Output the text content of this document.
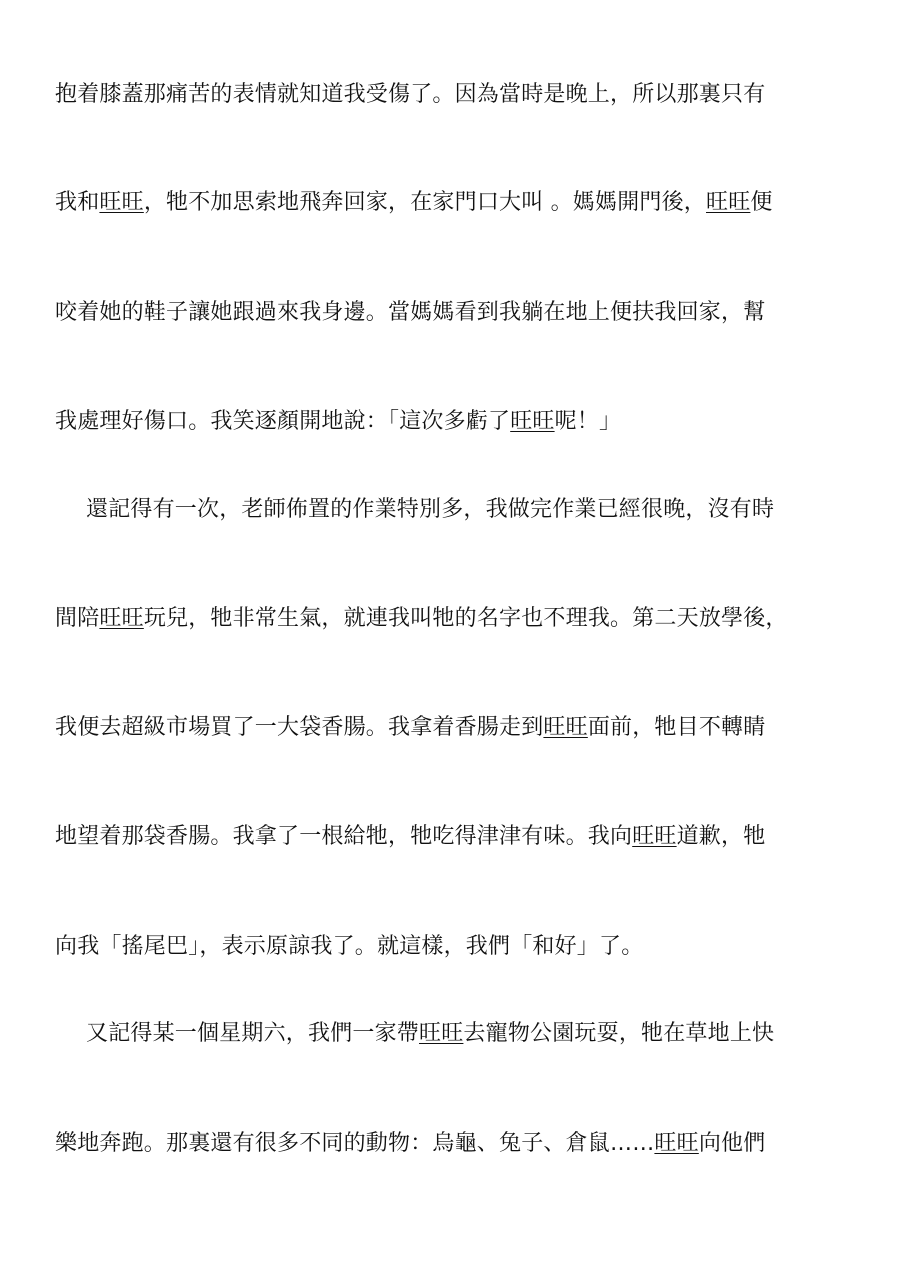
抱着膝蓋那痛苦的表情就知道我受傷了。因為當時是晚上，所以那裏只有
我和旺旺，牠不加思索地飛奔回家，在家門口大叫 。媽媽開門後，旺旺便
咬着她的鞋子讓她跟過來我身邊。當媽媽看到我躺在地上便扶我回家，幫
我處理好傷口。我笑逐顏開地說：「這次多虧了旺旺呢！」
還記得有一次，老師佈置的作業特別多，我做完作業已經很晚，沒有時
間陪旺旺玩兒，牠非常生氣，就連我叫牠的名字也不理我。第二天放學後，
我便去超級市場買了一大袋香腸。我拿着香腸走到旺旺面前，牠目不轉睛
地望着那袋香腸。我拿了一根給牠，牠吃得津津有味。我向旺旺道歉，牠
向我「搖尾巴」，表示原諒我了。就這樣，我們「和好」了。
又記得某一個星期六，我們一家帶旺旺去寵物公園玩耍，牠在草地上快
樂地奔跑。那裏還有很多不同的動物：烏龜、兔子、倉鼠……旺旺向他們
